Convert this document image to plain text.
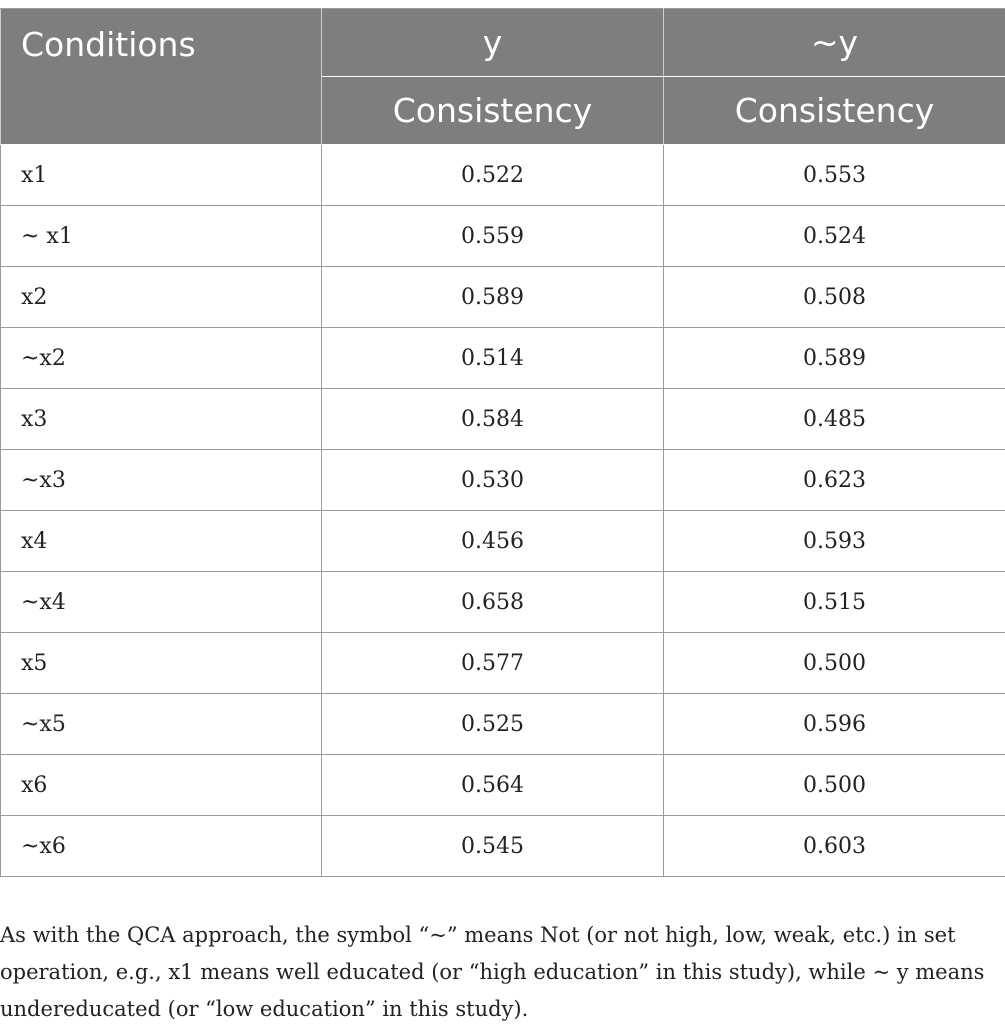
Conditions	y	~y
	Consistency	Consistency
x1	0.522	0.553
~ x1	0.559	0.524
x2	0.589	0.508
~x2	0.514	0.589
x3	0.584	0.485
~x3	0.530	0.623
x4	0.456	0.593
~x4	0.658	0.515
x5	0.577	0.500
~x5	0.525	0.596
x6	0.564	0.500
~x6	0.545	0.603

As with the QCA approach, the symbol “~” means Not (or not high, low, weak, etc.) in set operation, e.g., x1 means well educated (or “high education” in this study), while ~ y means undereducated (or “low education” in this study).
